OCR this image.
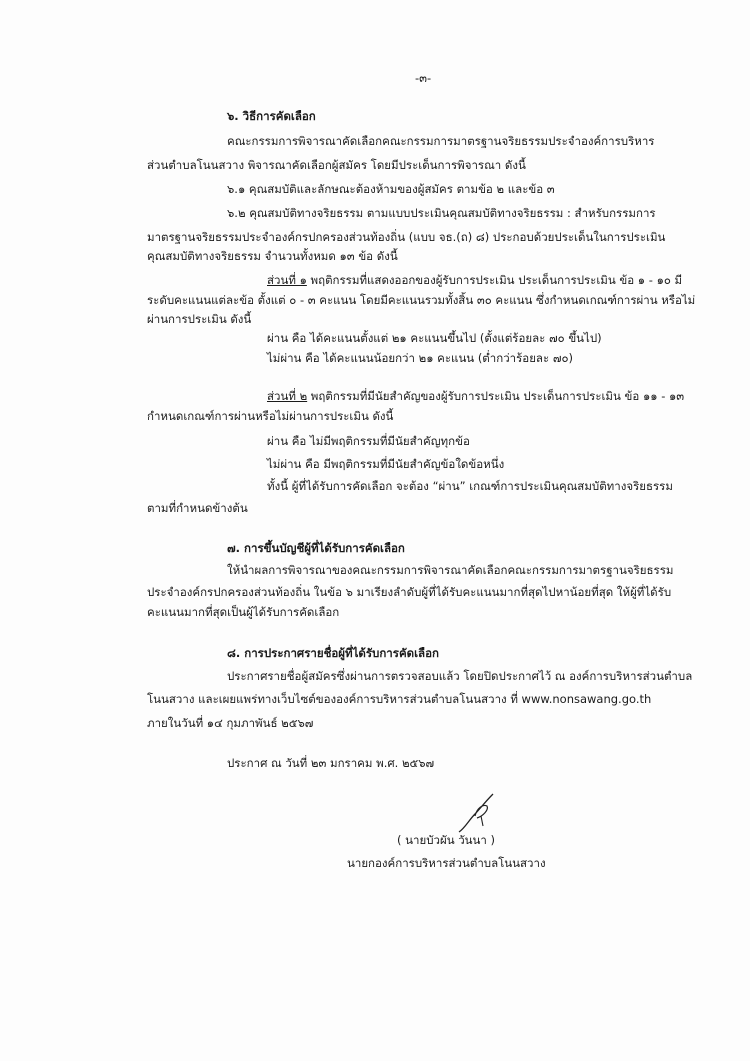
-๓-
๖. วิธีการคัดเลือก
คณะกรรมการพิจารณาคัดเลือกคณะกรรมการมาตรฐานจริยธรรมประจำองค์การบริหาร
ส่วนตำบลโนนสวาง พิจารณาคัดเลือกผู้สมัคร โดยมีประเด็นการพิจารณา ดังนี้
๖.๑ คุณสมบัติและลักษณะต้องห้ามของผู้สมัคร ตามข้อ ๒ และข้อ ๓
๖.๒ คุณสมบัติทางจริยธรรม ตามแบบประเมินคุณสมบัติทางจริยธรรม : สำหรับกรรมการ
มาตรฐานจริยธรรมประจำองค์กรปกครองส่วนท้องถิ่น (แบบ จธ.(ถ) ๘) ประกอบด้วยประเด็นในการประเมิน
คุณสมบัติทางจริยธรรม จำนวนทั้งหมด ๑๓ ข้อ ดังนี้
ส่วนที่ ๑ พฤติกรรมที่แสดงออกของผู้รับการประเมิน ประเด็นการประเมิน ข้อ ๑ - ๑๐ มี
ระดับคะแนนแต่ละข้อ ตั้งแต่ ๐ - ๓ คะแนน โดยมีคะแนนรวมทั้งสิ้น ๓๐ คะแนน ซึ่งกำหนดเกณฑ์การผ่าน หรือไม่
ผ่านการประเมิน ดังนี้
ผ่าน คือ ได้คะแนนตั้งแต่ ๒๑ คะแนนขึ้นไป (ตั้งแต่ร้อยละ ๗๐ ขึ้นไป)
ไม่ผ่าน คือ ได้คะแนนน้อยกว่า ๒๑ คะแนน (ต่ำกว่าร้อยละ ๗๐)
ส่วนที่ ๒ พฤติกรรมที่มีนัยสำคัญของผู้รับการประเมิน ประเด็นการประเมิน ข้อ ๑๑ - ๑๓
กำหนดเกณฑ์การผ่านหรือไม่ผ่านการประเมิน ดังนี้
ผ่าน คือ ไม่มีพฤติกรรมที่มีนัยสำคัญทุกข้อ
ไม่ผ่าน คือ มีพฤติกรรมที่มีนัยสำคัญข้อใดข้อหนึ่ง
ทั้งนี้ ผู้ที่ได้รับการคัดเลือก จะต้อง “ผ่าน” เกณฑ์การประเมินคุณสมบัติทางจริยธรรม
ตามที่กำหนดข้างต้น
๗. การขึ้นบัญชีผู้ที่ได้รับการคัดเลือก
ให้นำผลการพิจารณาของคณะกรรมการพิจารณาคัดเลือกคณะกรรมการมาตรฐานจริยธรรม
ประจำองค์กรปกครองส่วนท้องถิ่น ในข้อ ๖ มาเรียงลำดับผู้ที่ได้รับคะแนนมากที่สุดไปหาน้อยที่สุด ให้ผู้ที่ได้รับ
คะแนนมากที่สุดเป็นผู้ได้รับการคัดเลือก
๘. การประกาศรายชื่อผู้ที่ได้รับการคัดเลือก
ประกาศรายชื่อผู้สมัครซึ่งผ่านการตรวจสอบแล้ว โดยปิดประกาศไว้ ณ องค์การบริหารส่วนตำบล
โนนสวาง และเผยแพร่ทางเว็บไซต์ขององค์การบริหารส่วนตำบลโนนสวาง ที่ www.nonsawang.go.th
ภายในวันที่ ๑๔ กุมภาพันธ์ ๒๕๖๗
ประกาศ ณ วันที่ ๒๓ มกราคม พ.ศ. ๒๕๖๗
( นายบัวผัน วันนา )
นายกองค์การบริหารส่วนตำบลโนนสวาง
